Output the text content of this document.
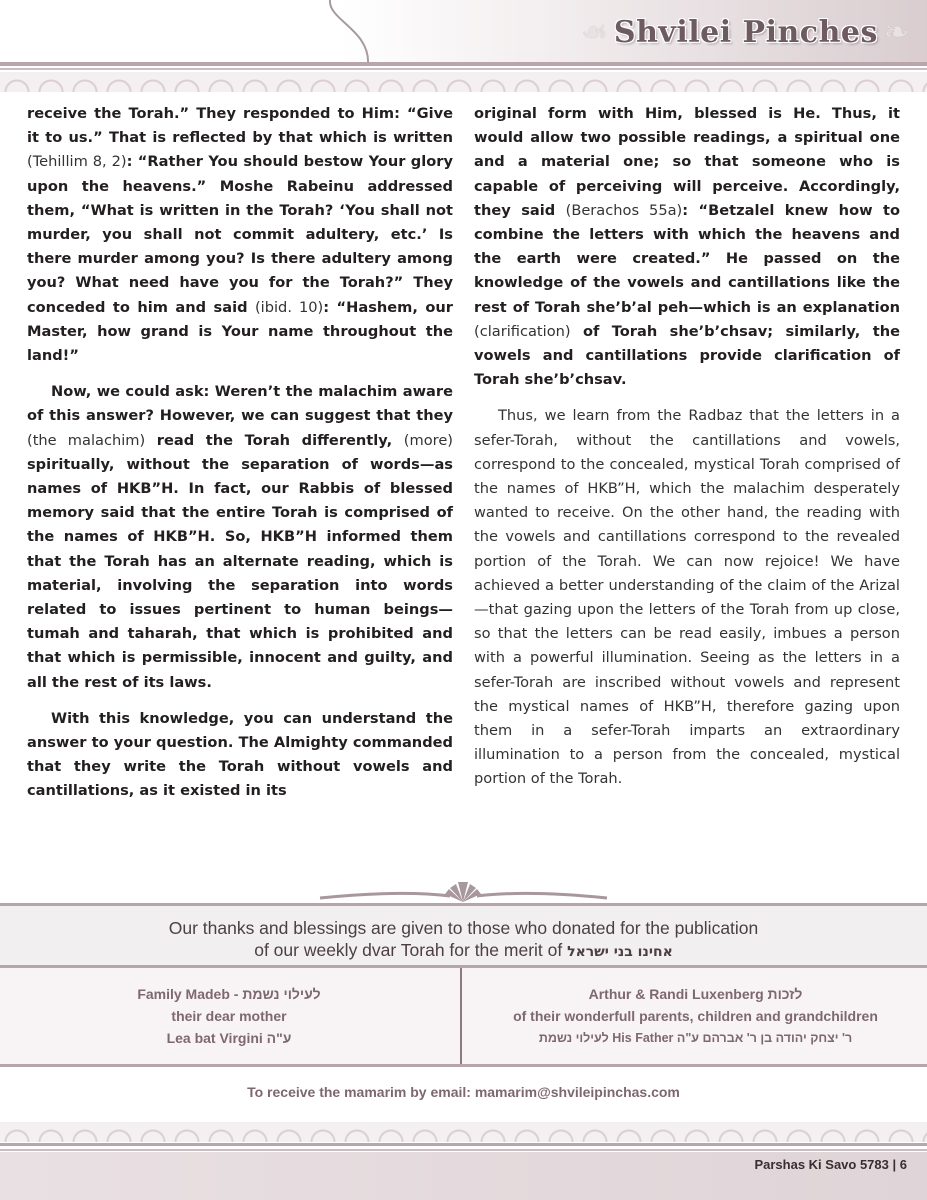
☙ Shvilei Pinches ❧

receive the Torah.” They responded to Him: “Give it to us.” That is reflected by that which is written (Tehillim 8, 2): “Rather You should bestow Your glory upon the heavens.” Moshe Rabeinu addressed them, “What is written in the Torah? ‘You shall not murder, you shall not commit adultery, etc.’ Is there murder among you? Is there adultery among you? What need have you for the Torah?” They conceded to him and said (ibid. 10): “Hashem, our Master, how grand is Your name throughout the land!”

Now, we could ask: Weren’t the malachim aware of this answer? However, we can suggest that they (the malachim) read the Torah differently, (more) spiritually, without the separation of words—as names of HKB”H. In fact, our Rabbis of blessed memory said that the entire Torah is comprised of the names of HKB”H. So, HKB”H informed them that the Torah has an alternate reading, which is material, involving the separation into words related to issues pertinent to human beings—tumah and taharah, that which is prohibited and that which is permissible, innocent and guilty, and all the rest of its laws.

With this knowledge, you can understand the answer to your question. The Almighty commanded that they write the Torah without vowels and cantillations, as it existed in its

original form with Him, blessed is He. Thus, it would allow two possible readings, a spiritual one and a material one; so that someone who is capable of perceiving will perceive. Accordingly, they said (Berachos 55a): “Betzalel knew how to combine the letters with which the heavens and the earth were created.” He passed on the knowledge of the vowels and cantillations like the rest of Torah she’b’al peh—which is an explanation (clarification) of Torah she’b’chsav; similarly, the vowels and cantillations provide clarification of Torah she’b’chsav.

Thus, we learn from the Radbaz that the letters in a sefer-Torah, without the cantillations and vowels, correspond to the concealed, mystical Torah comprised of the names of HKB”H, which the malachim desperately wanted to receive. On the other hand, the reading with the vowels and cantillations correspond to the revealed portion of the Torah. We can now rejoice! We have achieved a better understanding of the claim of the Arizal—that gazing upon the letters of the Torah from up close, so that the letters can be read easily, imbues a person with a powerful illumination. Seeing as the letters in a sefer-Torah are inscribed without vowels and represent the mystical names of HKB”H, therefore gazing upon them in a sefer-Torah imparts an extraordinary illumination to a person from the concealed, mystical portion of the Torah.

Our thanks and blessings are given to those who donated for the publication
of our weekly dvar Torah for the merit of אחינו בני ישראל
Family Madeb - לעילוי נשמת
their dear mother
Lea bat Virgini ע"ה
Arthur & Randi Luxenberg לזכות
of their wonderfull parents, children and grandchildren
לעילוי נשמת His Father ר' יצחק יהודה בן ר' אברהם ע"ה
To receive the mamarim by email: mamarim@shvileipinchas.com
Parshas Ki Savo 5783 | 6
